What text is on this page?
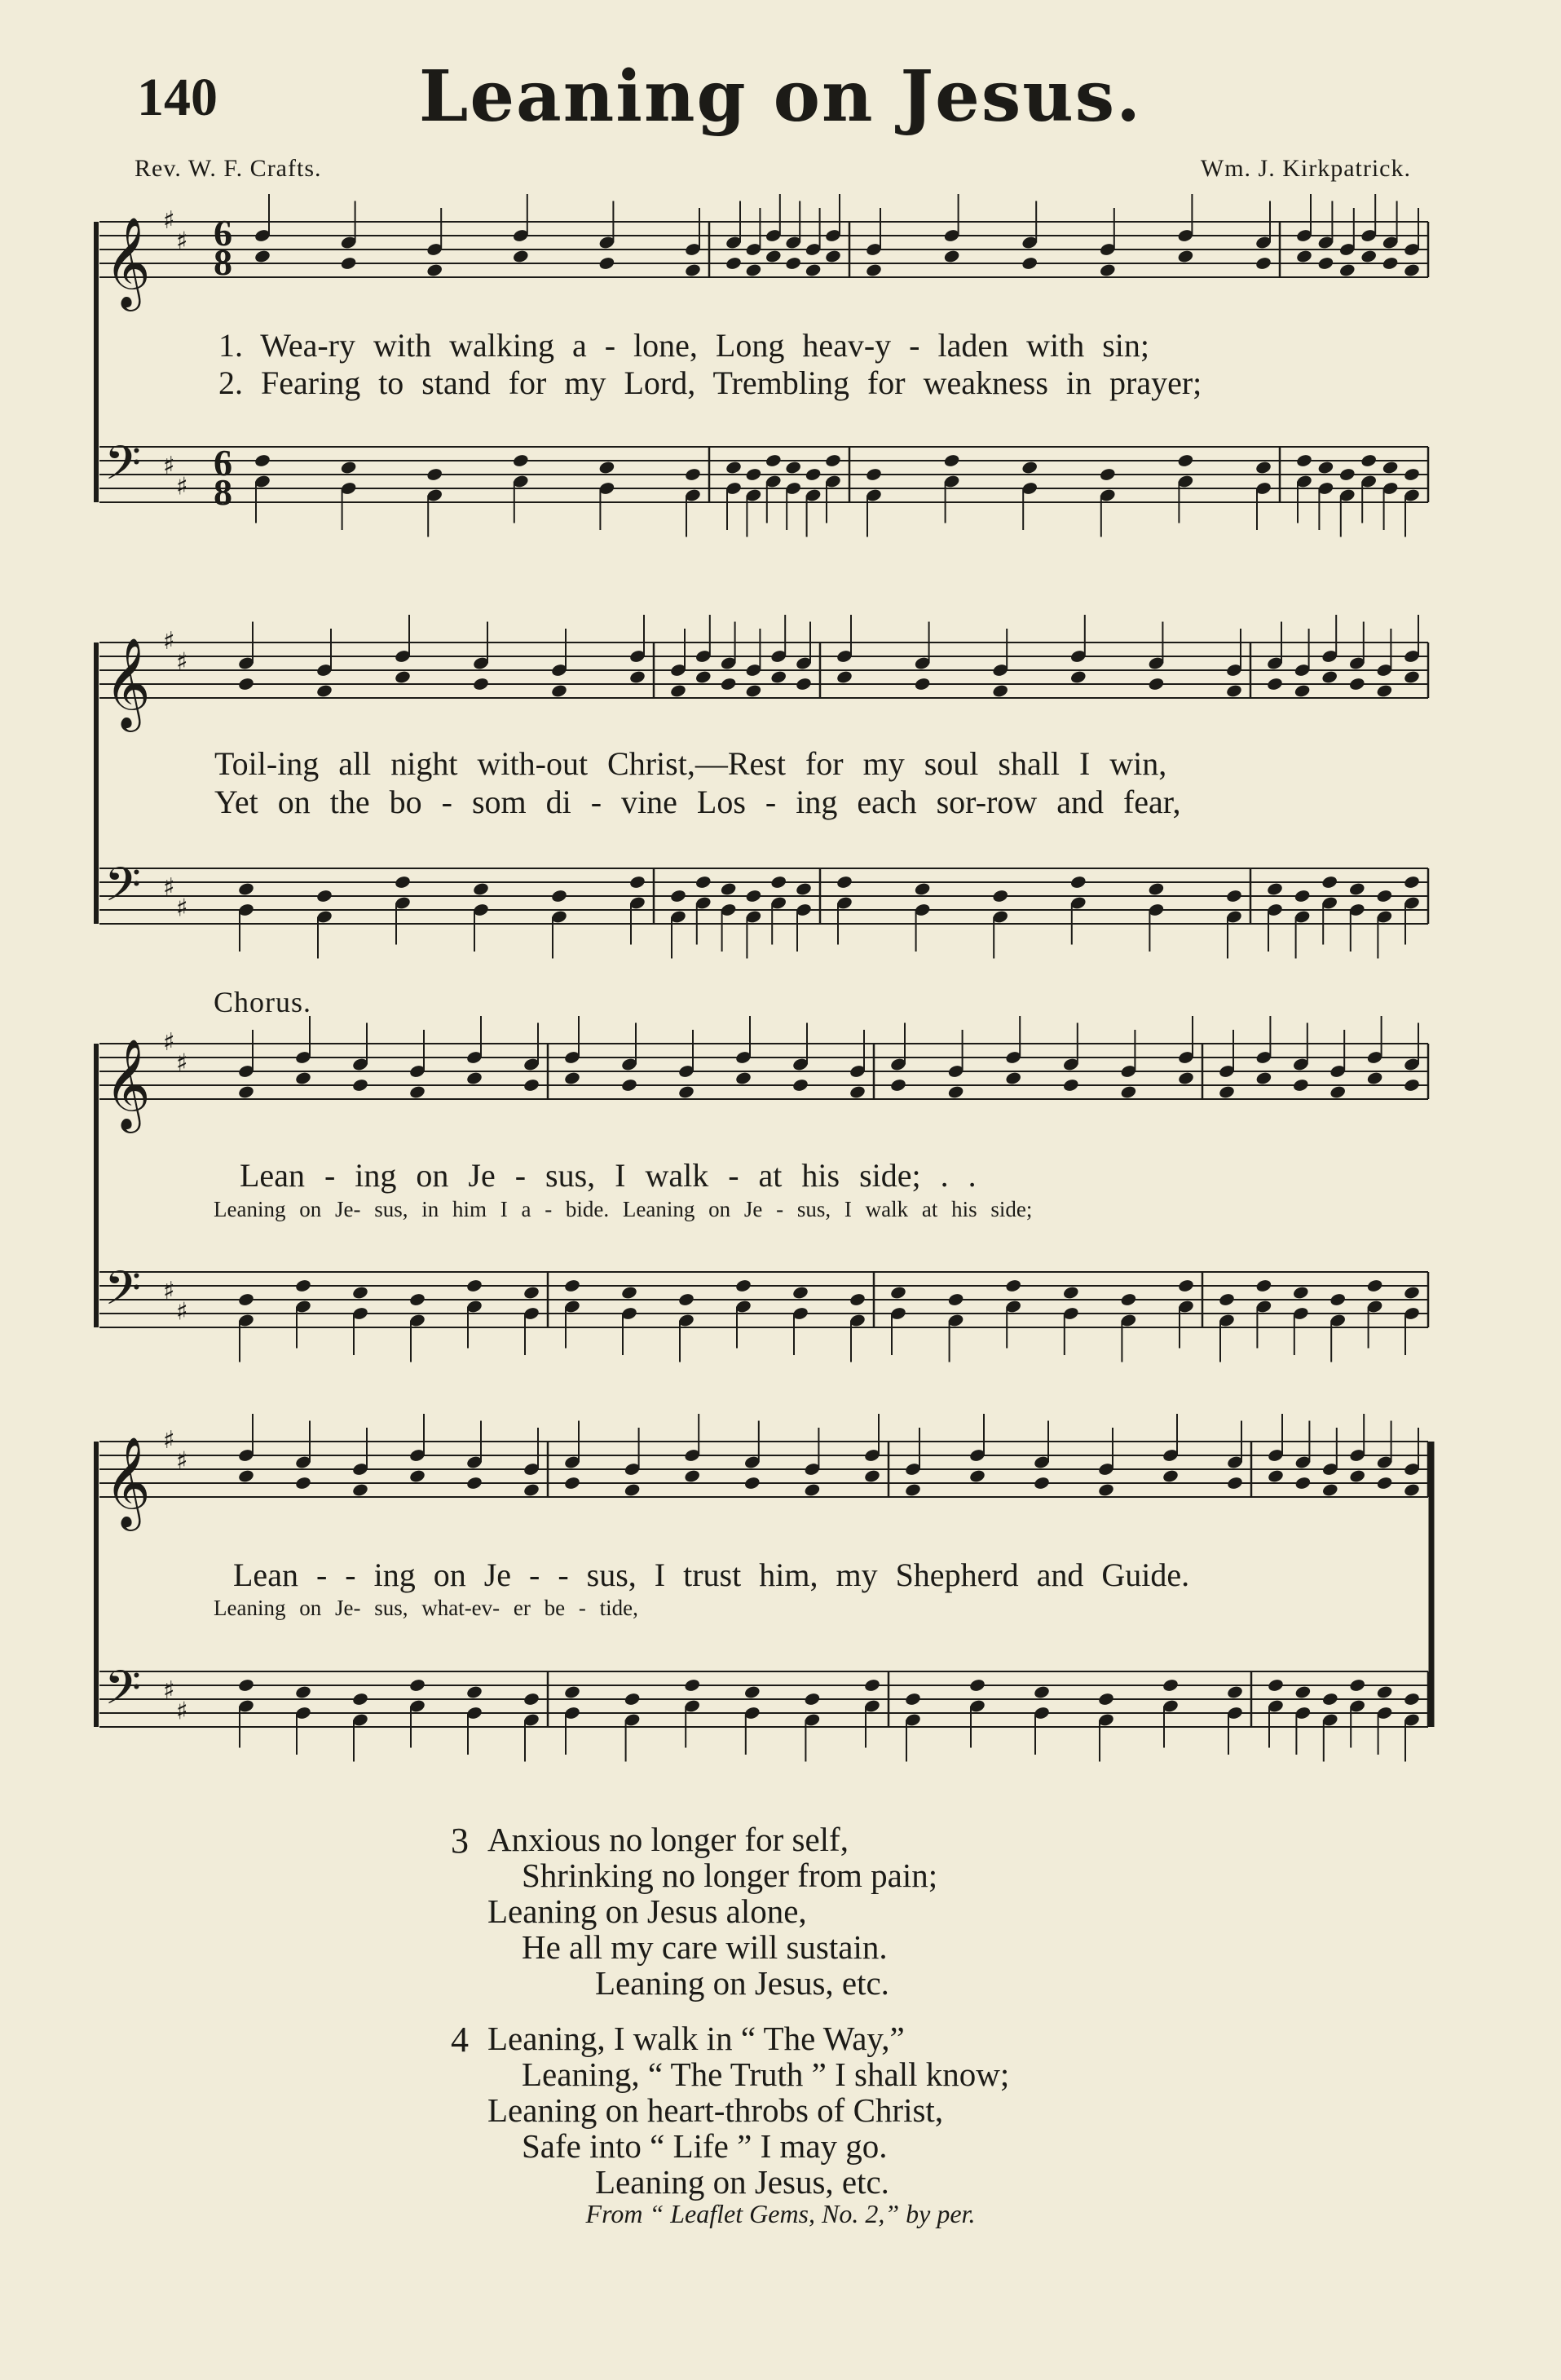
140	Leaning on Jesus.
Rev. W. F. Crafts.	Wm. J. Kirkpatrick.
𝄞 ♯
♯
𝄢 ♯
♯
𝄞 ♯
♯
𝄢 ♯
♯
𝄞 ♯
♯
𝄢 ♯
♯
𝄞 ♯
♯
𝄢 ♯
♯
6
8
6
8
1. Wea-ry with walking a - lone, Long heav-y - laden with sin;
2. Fearing to stand for my Lord, Trembling for weakness in prayer;
Toil-ing all night with-out Christ,—Rest for my soul shall I win,
Yet on the bo - som di - vine Los - ing each sor-row and fear,
Chorus.
Lean - ing on Je - sus, I walk - at his side; . .
Leaning on Je- sus, in him I a - bide. Leaning on Je - sus, I walk at his side;
Lean - - ing on Je - - sus, I trust him, my Shepherd and Guide.
Leaning on Je- sus, what-ev- er be - tide,
3 Anxious no longer for self,
Shrinking no longer from pain;
Leaning on Jesus alone,
He all my care will sustain.
Leaning on Jesus, etc.
4 Leaning, I walk in “ The Way,”
Leaning, “ The Truth ” I shall know;
Leaning on heart-throbs of Christ,
Safe into “ Life ” I may go.
Leaning on Jesus, etc.
From “ Leaflet Gems, No. 2,” by per.
